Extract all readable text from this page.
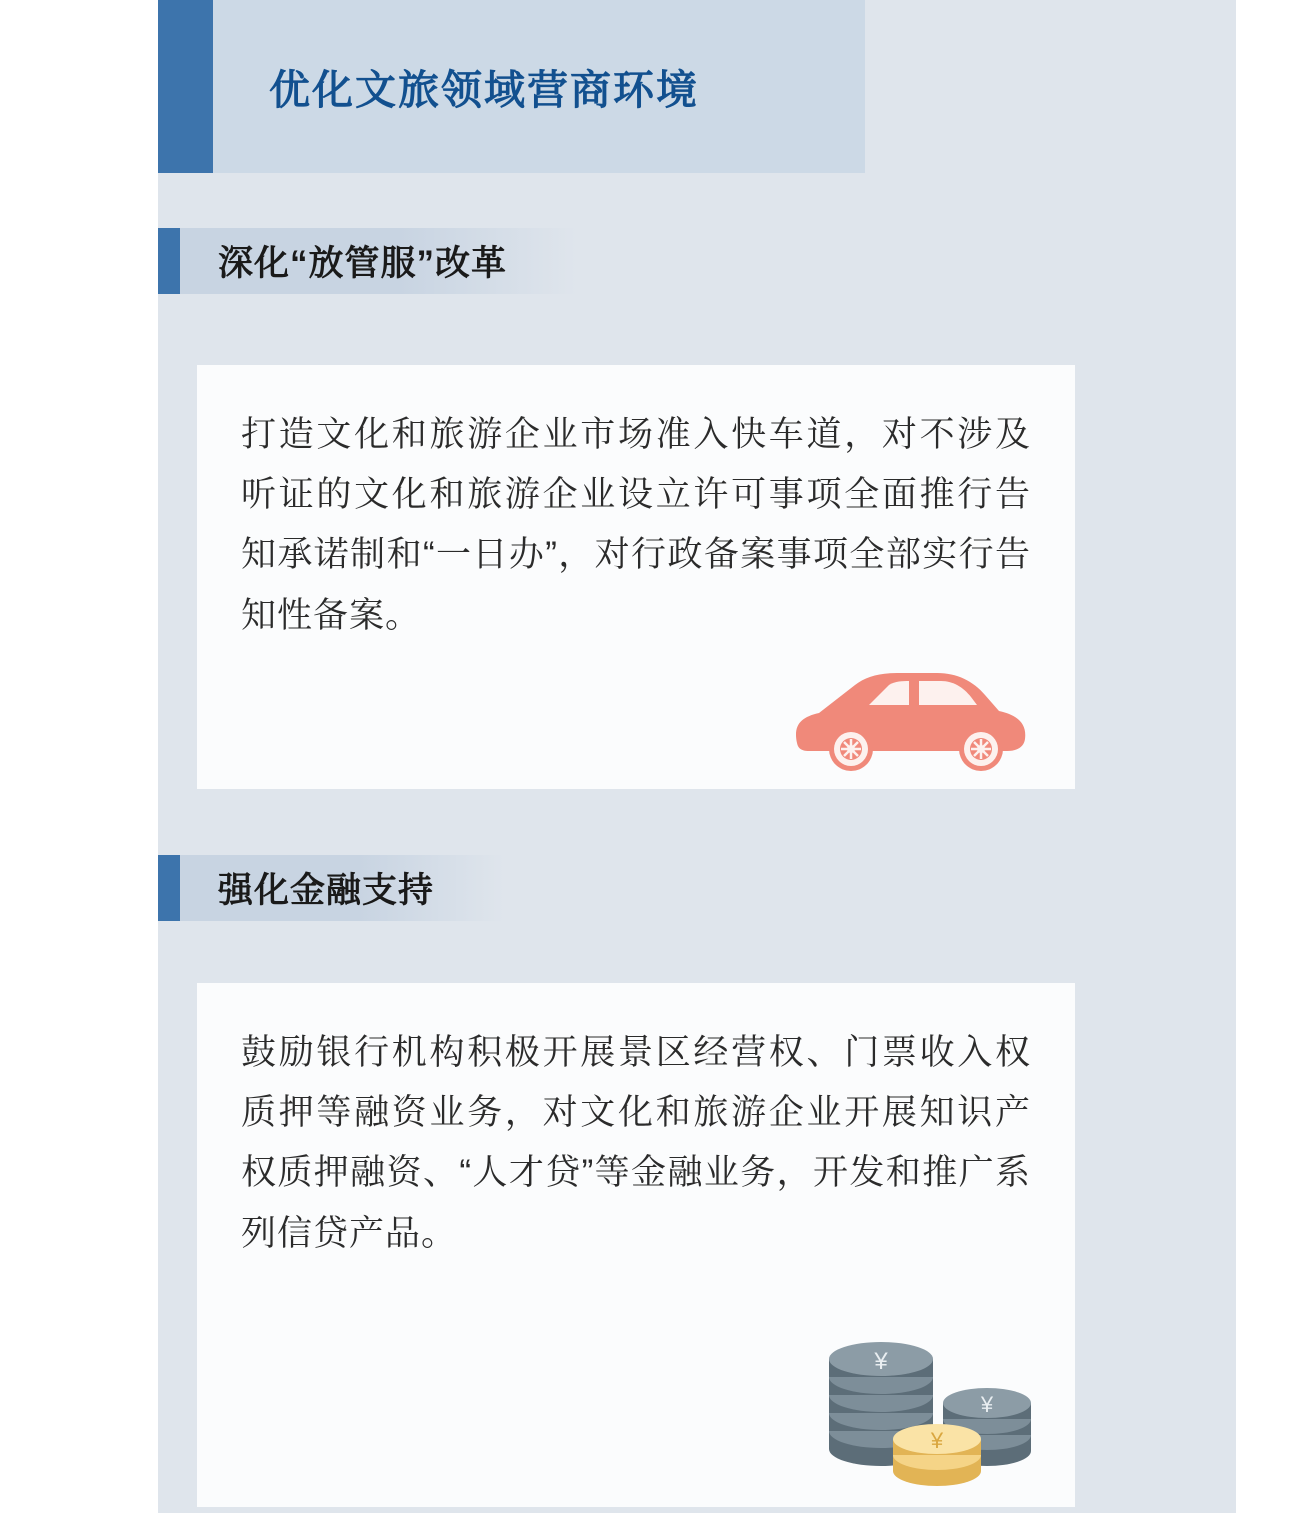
优化文旅领域营商环境
深化“放管服”改革

打造文化和旅游企业市场准入快车道，对不涉及听证的文化和旅游企业设立许可事项全面推行告知承诺制和“一日办”，对行政备案事项全部实行告知性备案。

强化金融支持

鼓励银行机构积极开展景区经营权、门票收入权质押等融资业务，对文化和旅游企业开展知识产权质押融资、“人才贷”等金融业务，开发和推广系列信贷产品。

¥
¥
¥
